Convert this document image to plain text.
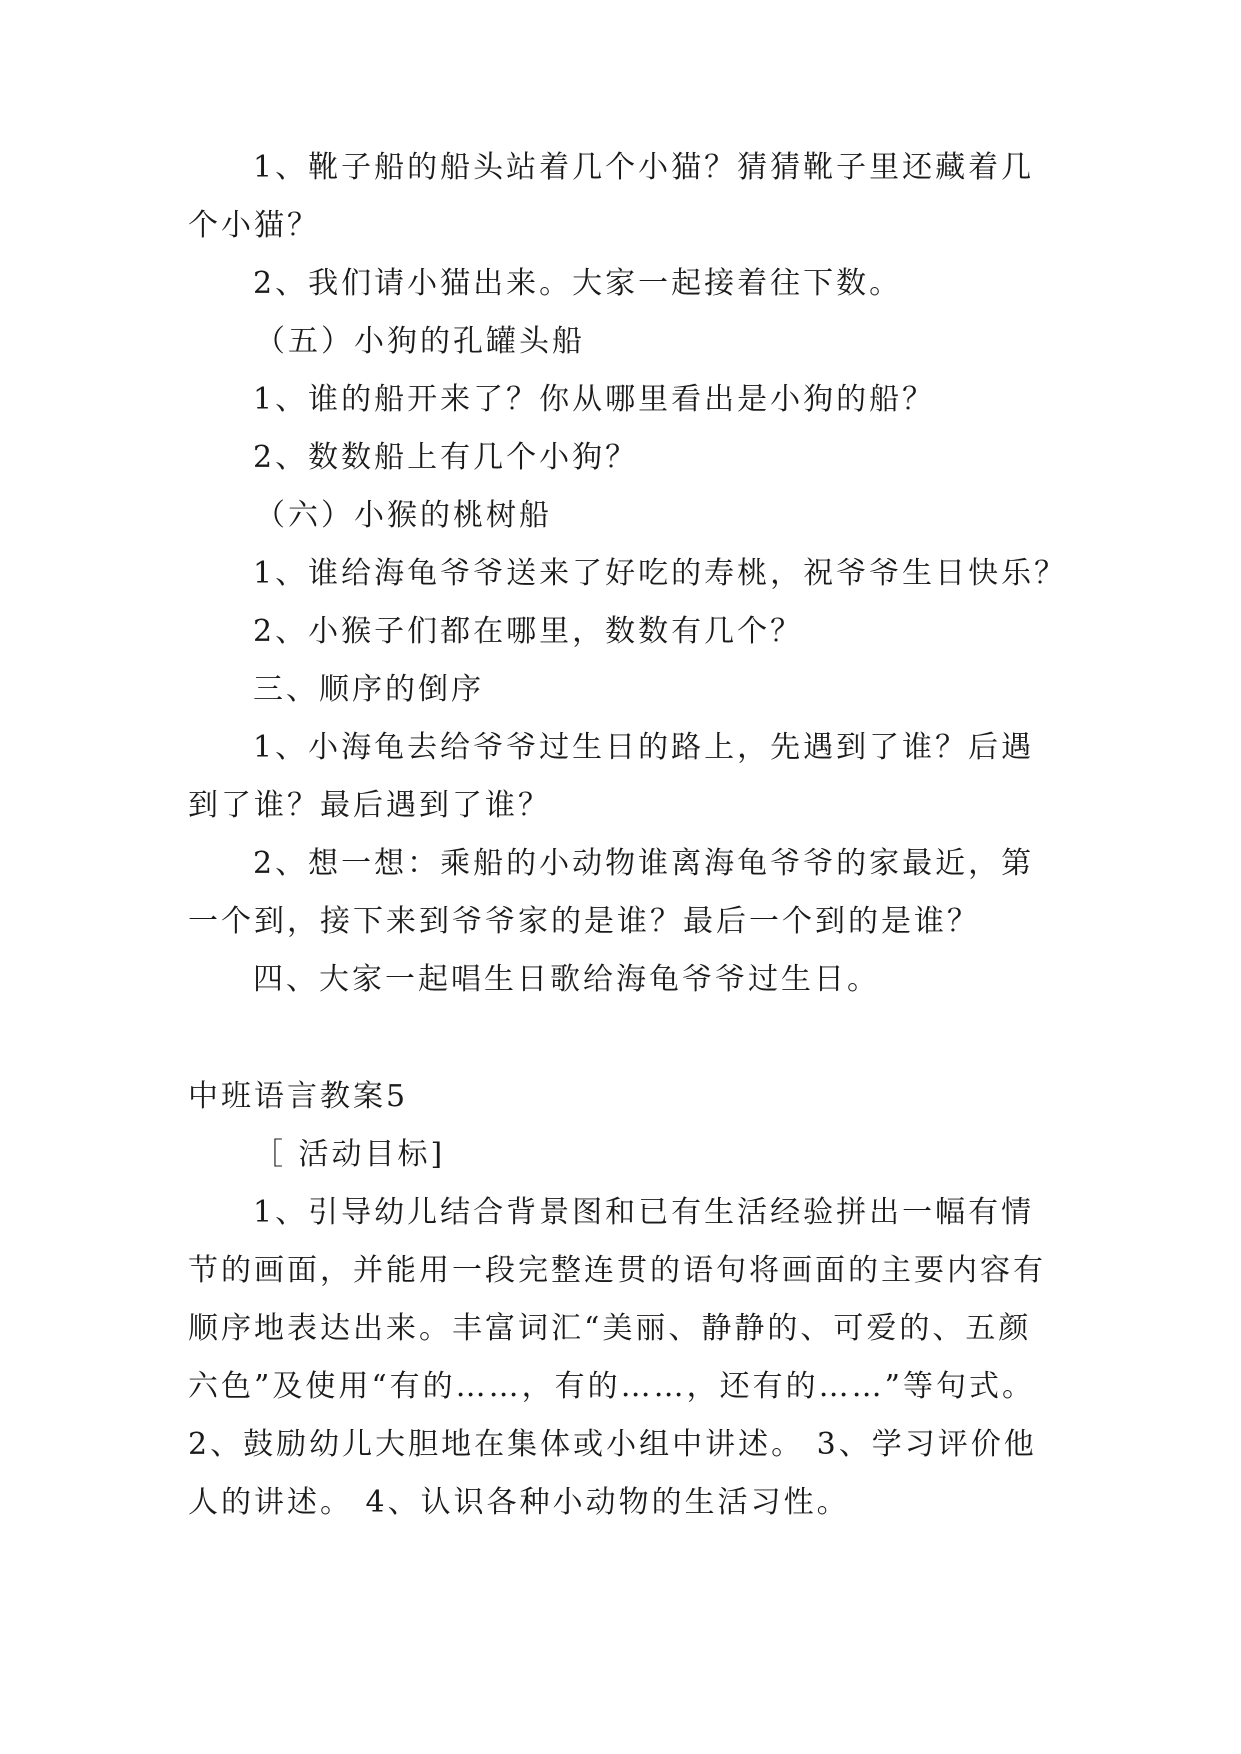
1、靴子船的船头站着几个小猫？猜猜靴子里还藏着几
个小猫？
2、我们请小猫出来。大家一起接着往下数。
（五）小狗的孔罐头船
1、谁的船开来了？你从哪里看出是小狗的船？
2、数数船上有几个小狗？
（六）小猴的桃树船
1、谁给海龟爷爷送来了好吃的寿桃，祝爷爷生日快乐？
2、小猴子们都在哪里，数数有几个？
三、顺序的倒序
1、小海龟去给爷爷过生日的路上，先遇到了谁？后遇
到了谁？最后遇到了谁？
2、想一想：乘船的小动物谁离海龟爷爷的家最近，第
一个到，接下来到爷爷家的是谁？最后一个到的是谁？
四、大家一起唱生日歌给海龟爷爷过生日。
中班语言教案5
［ 活动目标]
1、引导幼儿结合背景图和已有生活经验拼出一幅有情
节的画面，并能用一段完整连贯的语句将画面的主要内容有
顺序地表达出来。丰富词汇“美丽、静静的、可爱的、五颜
六色”及使用“有的……，有的……，还有的……”等句式。
2、鼓励幼儿大胆地在集体或小组中讲述。 3、学习评价他
人的讲述。 4、认识各种小动物的生活习性。
